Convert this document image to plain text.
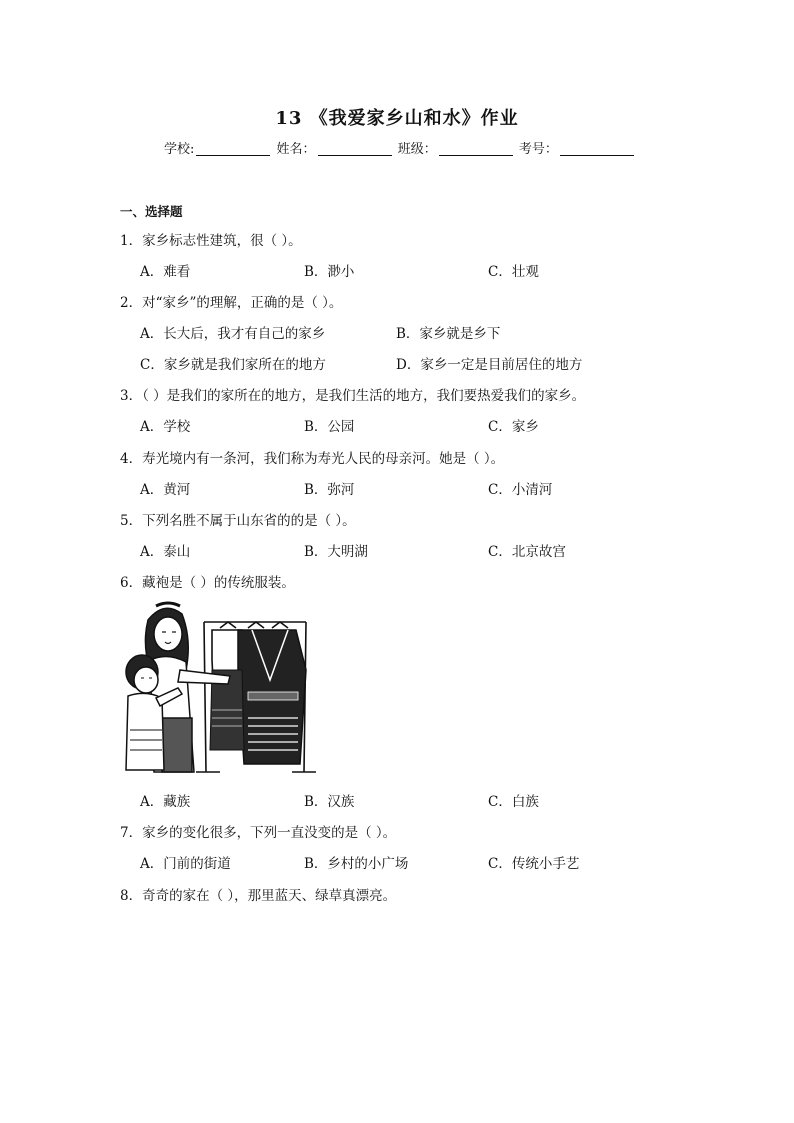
13 《我爱家乡山和水》作业
学校:	姓名：	班级：	考号：
一、选择题
1．家乡标志性建筑，很（ ）。
A．难看	B．渺小	C．壮观
2．对“家乡”的理解，正确的是（ ）。
A．长大后，我才有自己的家乡	B．家乡就是乡下
C．家乡就是我们家所在的地方	D．家乡一定是目前居住的地方
3．（ ）是我们的家所在的地方，是我们生活的地方，我们要热爱我们的家乡。
A．学校	B．公园	C．家乡
4．寿光境内有一条河，我们称为寿光人民的母亲河。她是（ ）。
A．黄河	B．弥河	C．小清河
5．下列名胜不属于山东省的的是（ ）。
A．泰山	B．大明湖	C．北京故宫
6．藏袍是（ ）的传统服装。
A．藏族	B．汉族	C．白族
7．家乡的变化很多，下列一直没变的是（ ）。
A．门前的街道	B．乡村的小广场	C．传统小手艺
8．奇奇的家在（ ），那里蓝天、绿草真漂亮。
